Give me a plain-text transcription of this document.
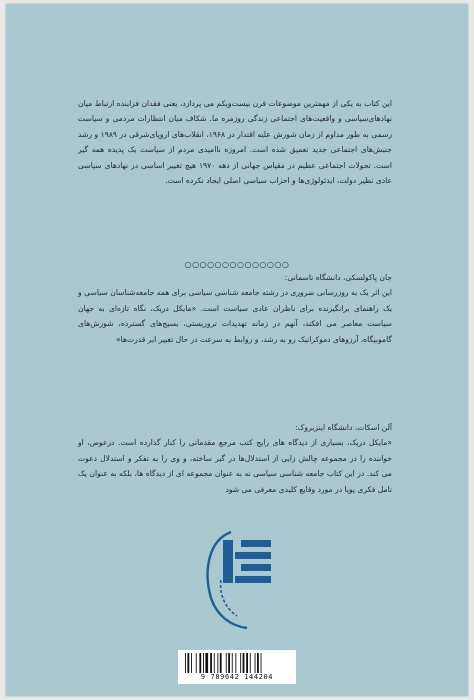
این کتاب به یکی از مهمترین موضوعات قرن بیست‌ویکم می پردازد، یعنی فقدان فزاینده ارتباط میان نهادهای‌سیاسی و واقعیت‌های اجتماعی زندگی روزمره ما. شکاف میان انتظارات مردمی و سیاست رسمی به طور مداوم از زمان شورش علیه اقتدار در ۱۹۶۸، انقلاب‌های اروپای‌شرقی در ۱۹۸۹ و رشد جنبش‌های اجتماعی جدید تعمیق شده است. امروزه ناامیدی مردم از سیاست یک پدیده همه گیر است. تحولات اجتماعی عظیم در مقیاس جهانی از دهه ۱۹۷۰ هیچ تغییر اساسی در نهادهای سیاسی عادی نظیر دولت، ایدئولوژی‌ها و احزاب سیاسی اصلی ایجاد نکرده است.

○○○○○○○○○○○○○○
جان پاکولسکی، دانشگاه تاسمانی:

این اثر یک به روزرسانی ضروری در رشته جامعه شناسی سیاسی برای همه جامعه‌شناسان سیاسی و یک راهنمای برانگیزنده برای ناظران عادی سیاست است. «مایکل دریک، نگاه تازه‌ای به جهان سیاست معاصر می افکند، آنهم در زمانه تهدیدات تروریستی، بسیج‌های گسترده، شورش‌های گاموبیگاه، آرزوهای دموکراتیک رو به رشد، و روابط به سرعت در حال تغییر ابر قدرت‌ها»

آلن اسکات، دانشگاه اینزبروک:

«مایکل دریک، بسیاری از دیدگاه های رایج کتب مرجع مقدماتی را کنار گذارده است. درعوض، او خواننده را در مجموعه چالش زایی از استدلال‌ها در گیر ساخته، و وی را به تفکر و استدلال دعوت می کند. در این کتاب جامعه شناسی سیاسی نه به عنوان مجموعه ای از دیدگاه ها، بلکه به عنوان یک تامل فکری پویا در مورد وقایع کلیدی معرفی می شود

9 789642 144204
